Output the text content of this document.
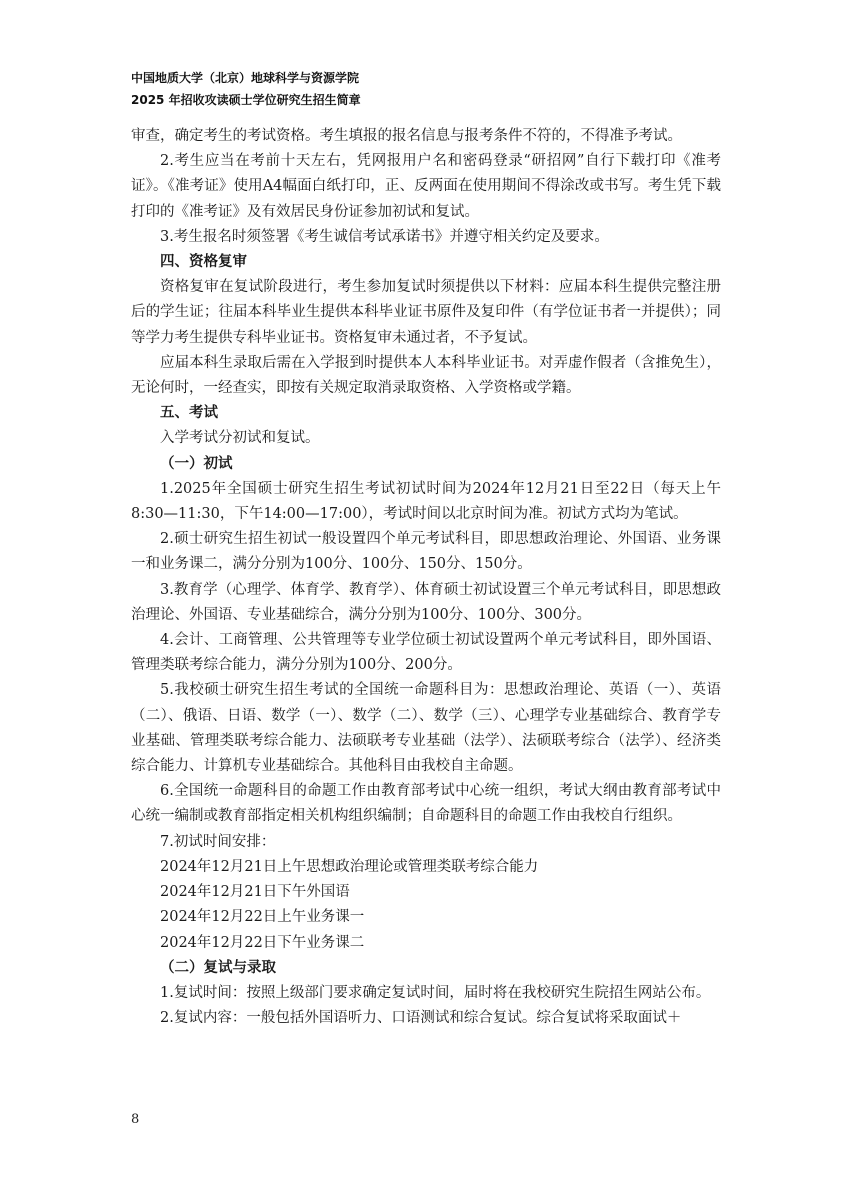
中国地质大学（北京）地球科学与资源学院
2025 年招收攻读硕士学位研究生招生简章

审查，确定考生的考试资格。考生填报的报名信息与报考条件不符的，不得准予考试。

2.考生应当在考前十天左右，凭网报用户名和密码登录“研招网”自行下载打印《准考证》。《准考证》使用A4幅面白纸打印，正、反两面在使用期间不得涂改或书写。考生凭下载打印的《准考证》及有效居民身份证参加初试和复试。

3.考生报名时须签署《考生诚信考试承诺书》并遵守相关约定及要求。

四、资格复审

资格复审在复试阶段进行，考生参加复试时须提供以下材料：应届本科生提供完整注册后的学生证；往届本科毕业生提供本科毕业证书原件及复印件（有学位证书者一并提供）；同等学力考生提供专科毕业证书。资格复审未通过者，不予复试。

应届本科生录取后需在入学报到时提供本人本科毕业证书。对弄虚作假者（含推免生），无论何时，一经查实，即按有关规定取消录取资格、入学资格或学籍。

五、考试

入学考试分初试和复试。

（一）初试

1.2025年全国硕士研究生招生考试初试时间为2024年12月21日至22日（每天上午8:30—11:30，下午14:00—17:00），考试时间以北京时间为准。初试方式均为笔试。

2.硕士研究生招生初试一般设置四个单元考试科目，即思想政治理论、外国语、业务课一和业务课二，满分分别为100分、100分、150分、150分。

3.教育学（心理学、体育学、教育学）、体育硕士初试设置三个单元考试科目，即思想政治理论、外国语、专业基础综合，满分分别为100分、100分、300分。

4.会计、工商管理、公共管理等专业学位硕士初试设置两个单元考试科目，即外国语、管理类联考综合能力，满分分别为100分、200分。

5.我校硕士研究生招生考试的全国统一命题科目为：思想政治理论、英语（一）、英语（二）、俄语、日语、数学（一）、数学（二）、数学（三）、心理学专业基础综合、教育学专业基础、管理类联考综合能力、法硕联考专业基础（法学）、法硕联考综合（法学）、经济类综合能力、计算机专业基础综合。其他科目由我校自主命题。

6.全国统一命题科目的命题工作由教育部考试中心统一组织，考试大纲由教育部考试中心统一编制或教育部指定相关机构组织编制；自命题科目的命题工作由我校自行组织。

7.初试时间安排：

2024年12月21日上午思想政治理论或管理类联考综合能力

2024年12月21日下午外国语

2024年12月22日上午业务课一

2024年12月22日下午业务课二

（二）复试与录取

1.复试时间：按照上级部门要求确定复试时间，届时将在我校研究生院招生网站公布。

2.复试内容：一般包括外国语听力、口语测试和综合复试。综合复试将采取面试＋

8
